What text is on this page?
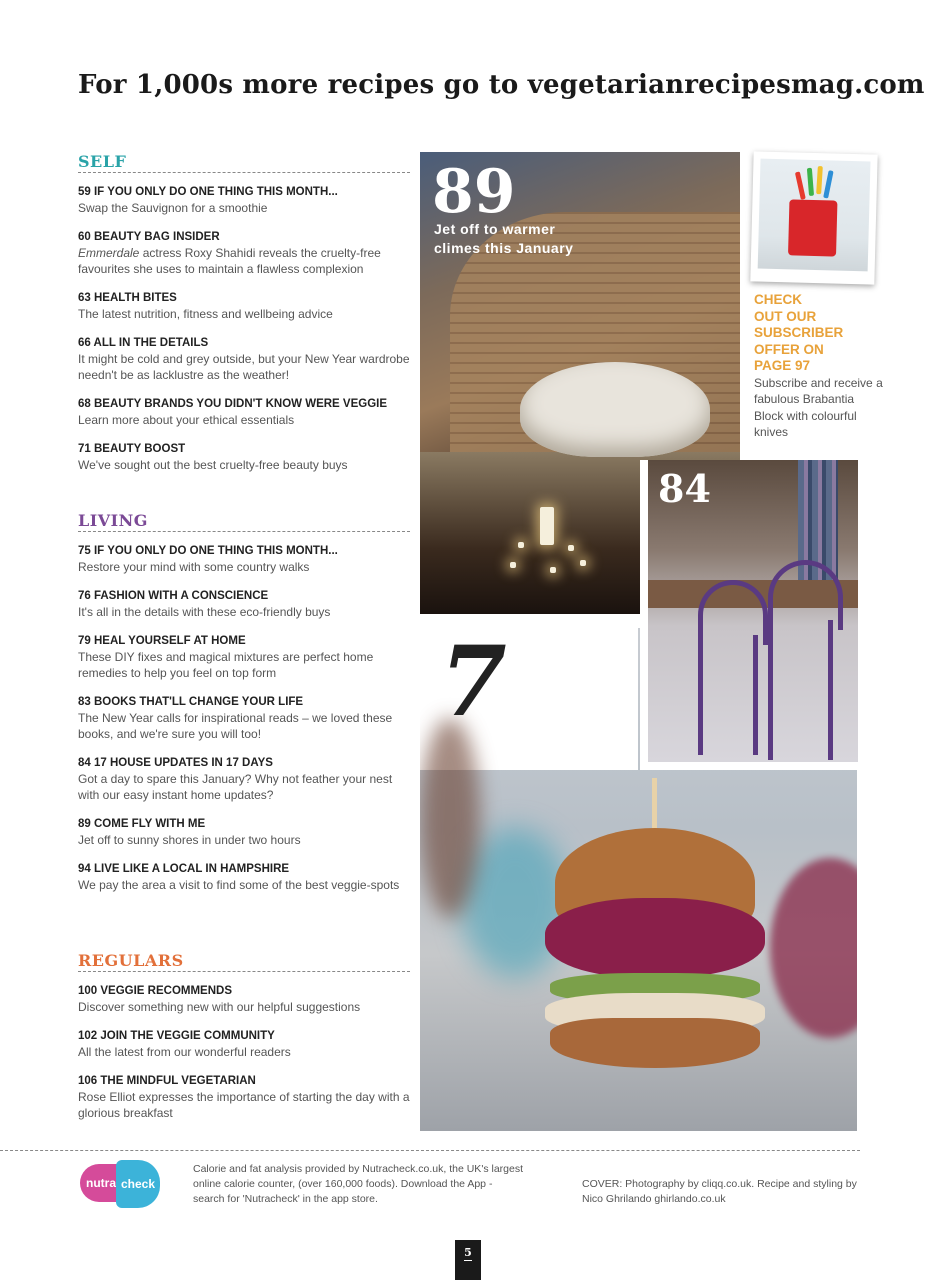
For 1,000s more recipes go to vegetarianrecipesmag.com
SELF
59 IF YOU ONLY DO ONE THING THIS MONTH...
Swap the Sauvignon for a smoothie
60 BEAUTY BAG INSIDER
Emmerdale actress Roxy Shahidi reveals the cruelty-free favourites she uses to maintain a flawless complexion
63 HEALTH BITES
The latest nutrition, fitness and wellbeing advice
66 ALL IN THE DETAILS
It might be cold and grey outside, but your New Year wardrobe needn't be as lacklustre as the weather!
68 BEAUTY BRANDS YOU DIDN'T KNOW WERE VEGGIE
Learn more about your ethical essentials
71 BEAUTY BOOST
We've sought out the best cruelty-free beauty buys
LIVING
75 IF YOU ONLY DO ONE THING THIS MONTH...
Restore your mind with some country walks
76 FASHION WITH A CONSCIENCE
It's all in the details with these eco-friendly buys
79 HEAL YOURSELF AT HOME
These DIY fixes and magical mixtures are perfect home remedies to help you feel on top form
83 BOOKS THAT'LL CHANGE YOUR LIFE
The New Year calls for inspirational reads – we loved these books, and we're sure you will too!
84 17 HOUSE UPDATES IN 17 DAYS
Got a day to spare this January? Why not feather your nest with our easy instant home updates?
89 COME FLY WITH ME
Jet off to sunny shores in under two hours
94 LIVE LIKE A LOCAL IN HAMPSHIRE
We pay the area a visit to find some of the best veggie-spots
REGULARS
100 VEGGIE RECOMMENDS
Discover something new with our helpful suggestions
102 JOIN THE VEGGIE COMMUNITY
All the latest from our wonderful readers
106 THE MINDFUL VEGETARIAN
Rose Elliot expresses the importance of starting the day with a glorious breakfast
89
Jet off to warmer
climes this January
CHECK
OUT OUR
SUBSCRIBER
OFFER ON
PAGE 97
Subscribe and receive a fabulous Brabantia Block with colourful knives
7
84
nutra check
Calorie and fat analysis provided by Nutracheck.co.uk, the UK's largest online calorie counter, (over 160,000 foods). Download the App - search for 'Nutracheck' in the app store.
COVER: Photography by cliqq.co.uk. Recipe and styling by Nico Ghrilando ghirlando.co.uk
5
